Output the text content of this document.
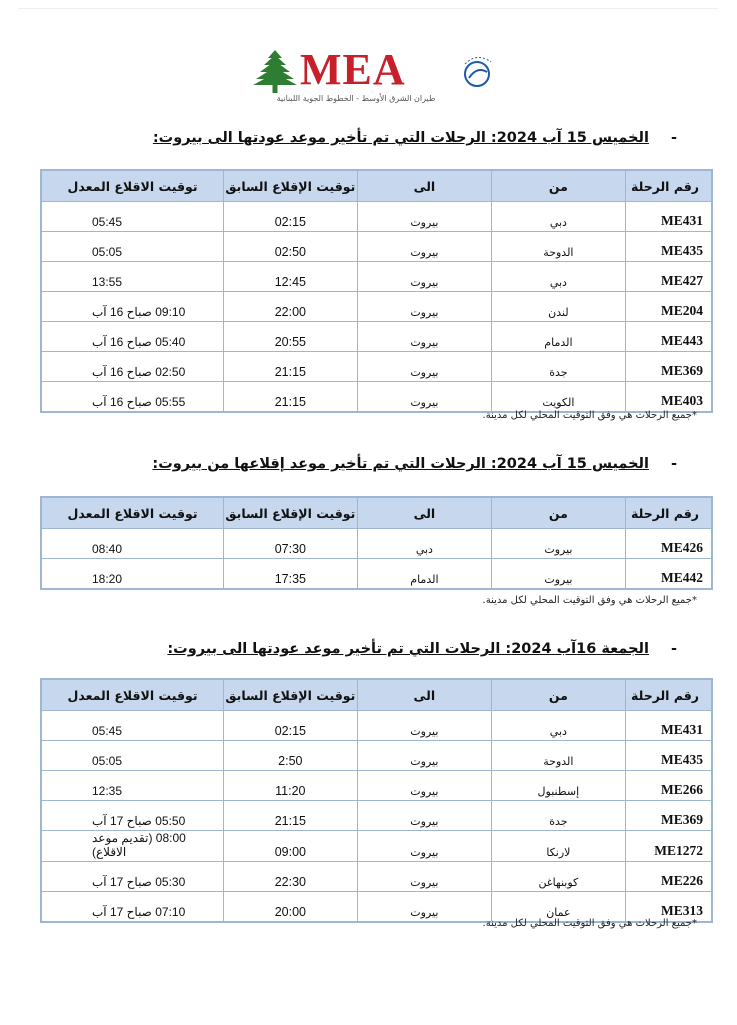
MEA
طيران الشرق الأوسط - الخطوط الجوية اللبنانية
-الخميس 15 آب 2024: الرحلات التي تم تأخير موعد عودتها الى بيروت:
رقم الرحلة	من	الى	توقيت الإقلاع السابق	توقيت الاقلاع المعدل
ME431	دبي	بيروت	02:15	05:45
ME435	الدوحة	بيروت	02:50	05:05
ME427	دبي	بيروت	12:45	13:55
ME204	لندن	بيروت	22:00	09:10 صباح 16 آب
ME443	الدمام	بيروت	20:55	05:40 صباح 16 آب
ME369	جدة	بيروت	21:15	02:50 صباح 16 آب
ME403	الكويت	بيروت	21:15	05:55 صباح 16 آب
*جميع الرحلات هي وفق التوقيت المحلي لكل مدينة.
-الخميس 15 آب 2024: الرحلات التي تم تأخير موعد إقلاعها من بيروت:
رقم الرحلة	من	الى	توقيت الإقلاع السابق	توقيت الاقلاع المعدل
ME426	بيروت	دبي	07:30	08:40
ME442	بيروت	الدمام	17:35	18:20
*جميع الرحلات هي وفق التوقيت المحلي لكل مدينة.
-الجمعة 16آب 2024: الرحلات التي تم تأخير موعد عودتها الى بيروت:
رقم الرحلة	من	الى	توقيت الإقلاع السابق	توقيت الاقلاع المعدل
ME431	دبي	بيروت	02:15	05:45
ME435	الدوحة	بيروت	2:50	05:05
ME266	إسطنبول	بيروت	11:20	12:35
ME369	جدة	بيروت	21:15	05:50 صباح 17 آب
ME1272	لارنكا	بيروت	09:00	08:00 (تقديم موعد الاقلاع)
ME226	كوبنهاغن	بيروت	22:30	05:30 صباح 17 آب
ME313	عمان	بيروت	20:00	07:10 صباح 17 آب
*جميع الرحلات هي وفق التوقيت المحلي لكل مدينة.
